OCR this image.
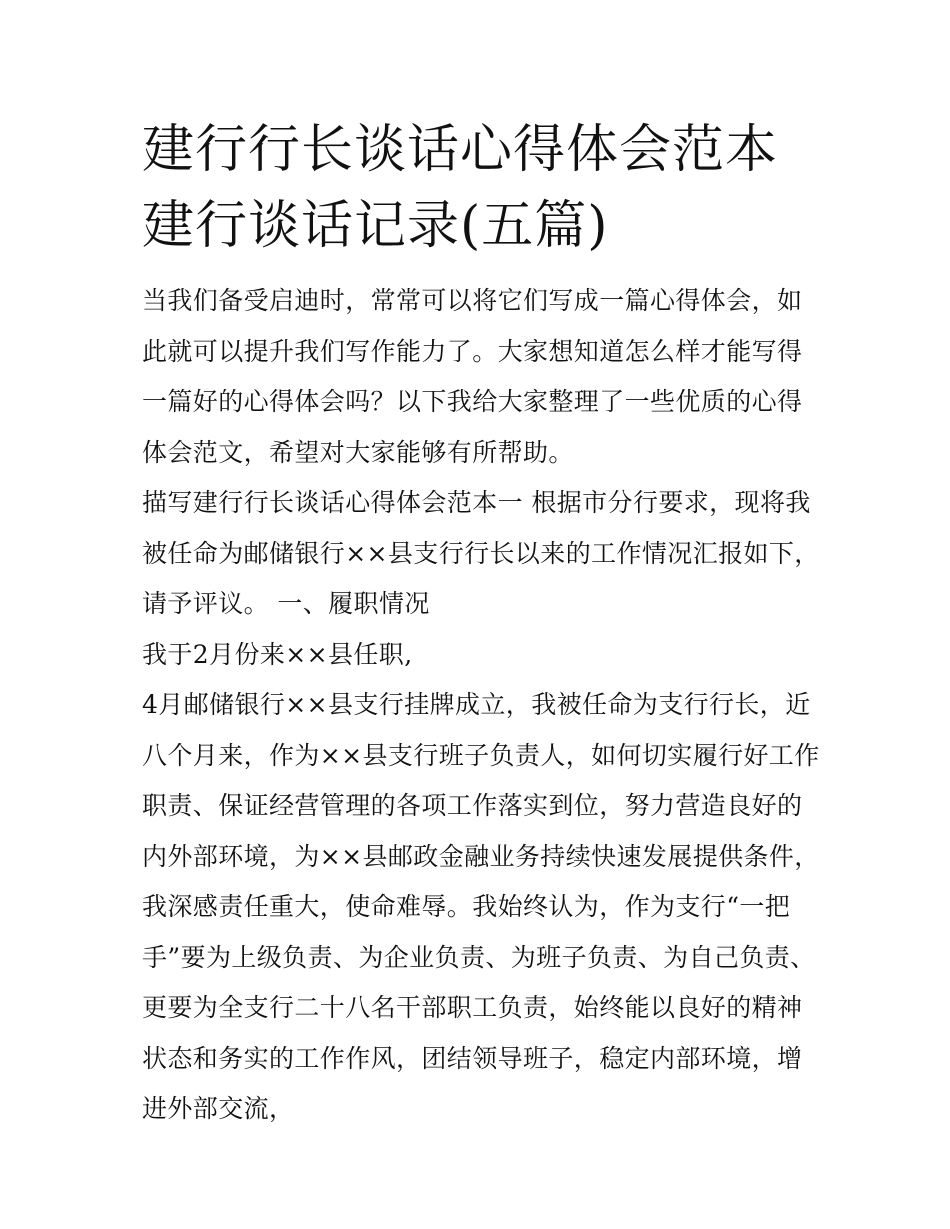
建行行长谈话心得体会范本 建行谈话记录(五篇)

当我们备受启迪时，常常可以将它们写成一篇心得体会，如此就可以提升我们写作能力了。大家想知道怎么样才能写得一篇好的心得体会吗？以下我给大家整理了一些优质的心得体会范文，希望对大家能够有所帮助。

描写建行行长谈话心得体会范本一 根据市分行要求，现将我被任命为邮储银行××县支行行长以来的工作情况汇报如下，请予评议。 一、履职情况

我于2月份来××县任职,

4月邮储银行××县支行挂牌成立，我被任命为支行行长，近八个月来，作为××县支行班子负责人，如何切实履行好工作职责、保证经营管理的各项工作落实到位，努力营造良好的内外部环境，为××县邮政金融业务持续快速发展提供条件，我深感责任重大，使命难辱。我始终认为，作为支行“一把手”要为上级负责、为企业负责、为班子负责、为自己负责、更要为全支行二十八名干部职工负责，始终能以良好的精神状态和务实的工作作风，团结领导班子，稳定内部环境，增进外部交流，
